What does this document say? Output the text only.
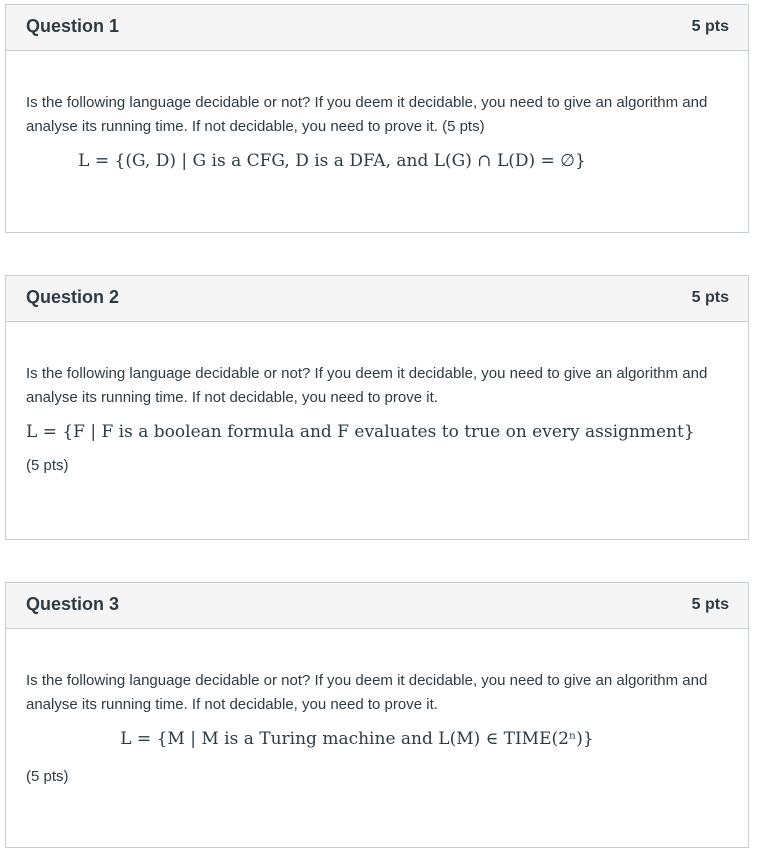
Question 1	5 pts

Is the following language decidable or not? If you deem it decidable, you need to give an algorithm and analyse its running time. If not decidable, you need to prove it. (5 pts)

L = {(G, D) | G is a CFG, D is a DFA, and L(G) ∩ L(D) = ∅}
Question 2	5 pts

Is the following language decidable or not? If you deem it decidable, you need to give an algorithm and analyse its running time. If not decidable, you need to prove it.

L = {F | F is a boolean formula and F evaluates to true on every assignment}
(5 pts)
Question 3	5 pts

Is the following language decidable or not? If you deem it decidable, you need to give an algorithm and analyse its running time. If not decidable, you need to prove it.

L = {M | M is a Turing machine and L(M) ∈ TIME(2ⁿ)}
(5 pts)
